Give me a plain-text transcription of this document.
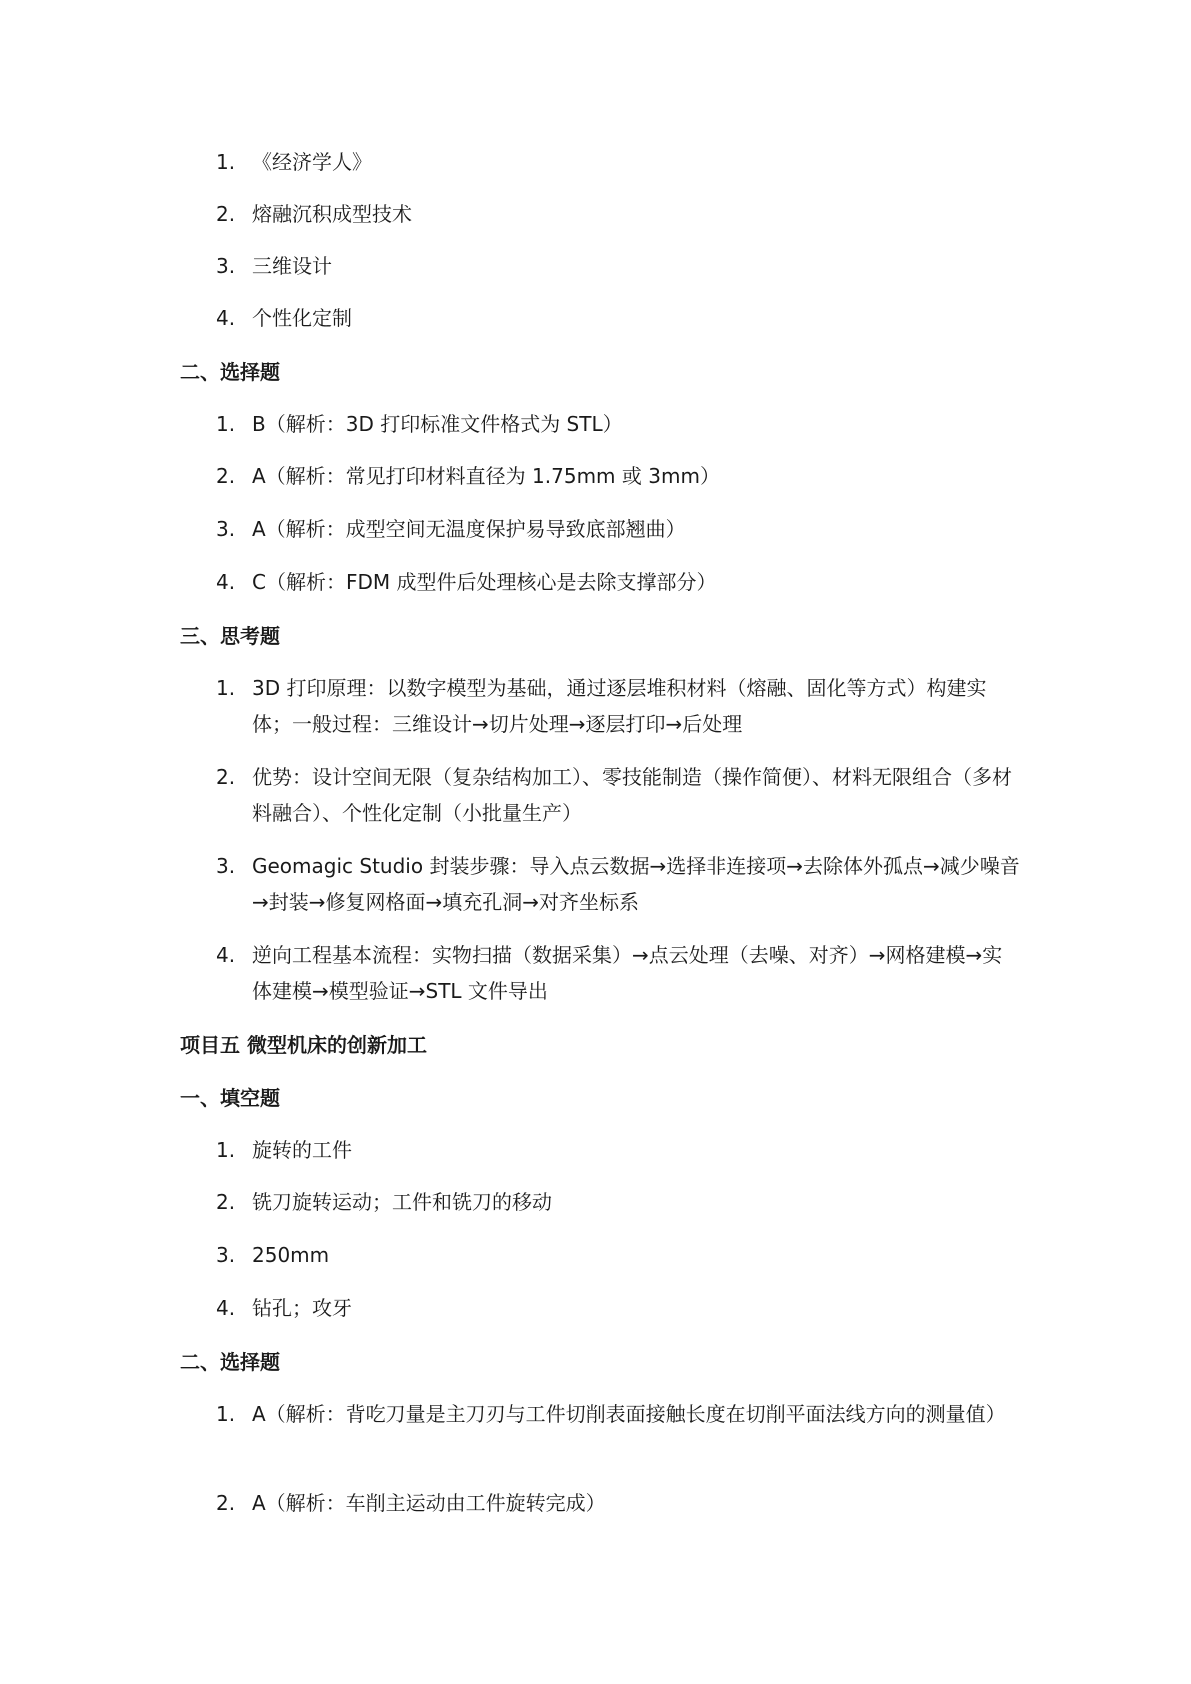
1. 《经济学人》
2. 熔融沉积成型技术
3. 三维设计
4. 个性化定制
二、选择题
1. B（解析：3D 打印标准文件格式为 STL）
2. A（解析：常见打印材料直径为 1.75mm 或 3mm）
3. A（解析：成型空间无温度保护易导致底部翘曲）
4. C（解析：FDM 成型件后处理核心是去除支撑部分）
三、思考题
1. 3D 打印原理：以数字模型为基础，通过逐层堆积材料（熔融、固化等方式）构建实体；一般过程：三维设计→切片处理→逐层打印→后处理
2. 优势：设计空间无限（复杂结构加工）、零技能制造（操作简便）、材料无限组合（多材料融合）、个性化定制（小批量生产）
3. Geomagic Studio 封装步骤：导入点云数据→选择非连接项→去除体外孤点→减少噪音→封装→修复网格面→填充孔洞→对齐坐标系
4. 逆向工程基本流程：实物扫描（数据采集）→点云处理（去噪、对齐）→网格建模→实体建模→模型验证→STL 文件导出
项目五 微型机床的创新加工
一、填空题
1. 旋转的工件
2. 铣刀旋转运动；工件和铣刀的移动
3. 250mm
4. 钻孔；攻牙
二、选择题
1. A（解析：背吃刀量是主刀刃与工件切削表面接触长度在切削平面法线方向的测量值）
2. A（解析：车削主运动由工件旋转完成）
